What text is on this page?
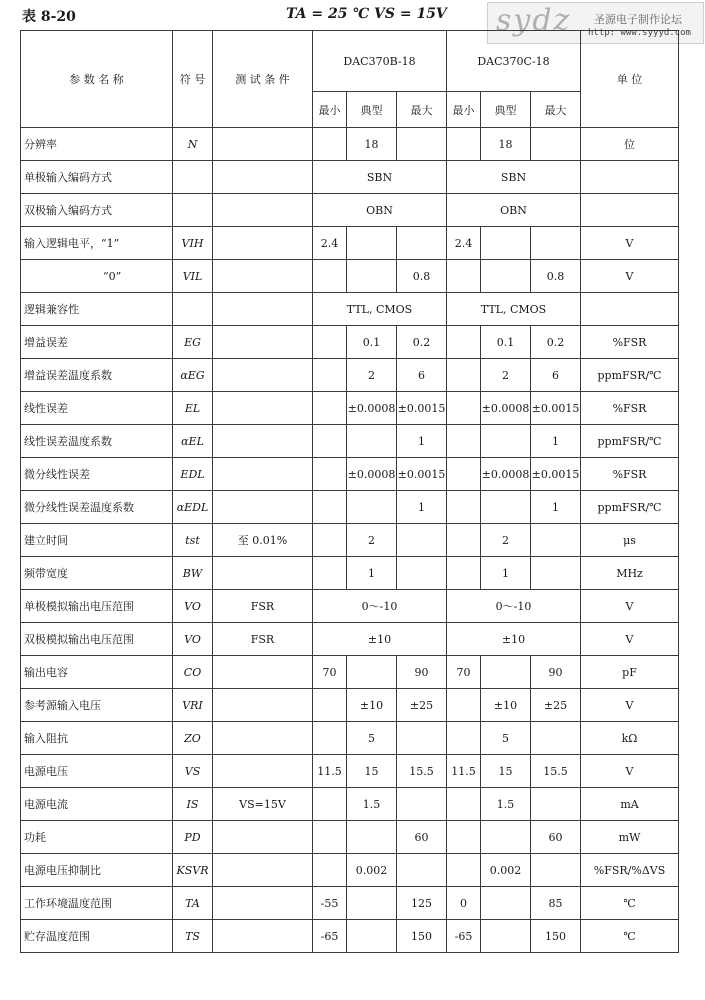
表 8-20	TA = 25 ℃ VS = 15V sydz 圣源电子制作论坛
http: www.syyyd.com
参 数 名 称	符 号	测 试 条 件	DAC370B-18			DAC370C-18			单 位
			最小	典型	最大	最小	典型	最大	
分辨率	N			18			18		位
单极输入编码方式			SBN			SBN			
双极输入编码方式			OBN			OBN			
输入逻辑电平，“1”	VIH		2.4			2.4			V
“0”	VIL				0.8			0.8	V
逻辑兼容性			TTL, CMOS			TTL, CMOS			
增益误差	EG			0.1	0.2		0.1	0.2	%FSR
增益误差温度系数	αEG			2	6		2	6	ppmFSR/℃
线性误差	EL			±0.0008	±0.0015		±0.0008	±0.0015	%FSR
线性误差温度系数	αEL				1			1	ppmFSR/℃
微分线性误差	EDL			±0.0008	±0.0015		±0.0008	±0.0015	%FSR
微分线性误差温度系数	αEDL				1			1	ppmFSR/℃
建立时间	tst	至 0.01%		2			2		μs
频带宽度	BW			1			1		MHz
单极模拟输出电压范围	VO	FSR	0～-10			0～-10			V
双极模拟输出电压范围	VO	FSR	±10			±10			V
输出电容	CO		70		90	70		90	pF
参考源输入电压	VRI			±10	±25		±10	±25	V
输入阻抗	ZO			5			5		kΩ
电源电压	VS		11.5	15	15.5	11.5	15	15.5	V
电源电流	IS	VS=15V		1.5			1.5		mA
功耗	PD				60			60	mW
电源电压抑制比	KSVR			0.002			0.002		%FSR/%ΔVS
工作环境温度范围	TA		-55		125	0		85	℃
贮存温度范围	TS		-65		150	-65		150	℃
